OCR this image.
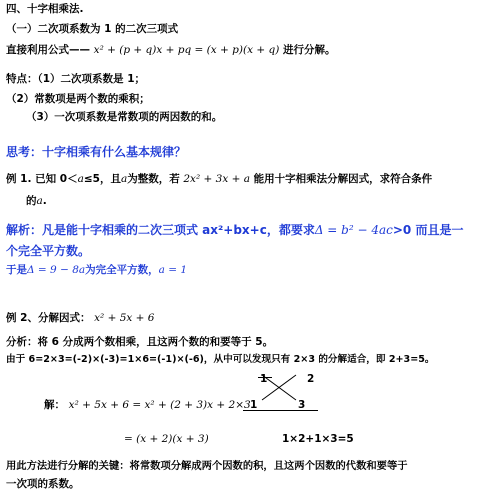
四、十字相乘法.
（一）二次项系数为 1 的二次三项式
直接利用公式—— x² + (p + q)x + pq = (x + p)(x + q) 进行分解。
特点：（1）二次项系数是 1；
（2）常数项是两个数的乘积；
（3）一次项系数是常数项的两因数的和。
思考：十字相乘有什么基本规律？
例 1. 已知 0＜a≤5，且a为整数，若 2x² + 3x + a 能用十字相乘法分解因式，求符合条件
的a.
解析：凡是能十字相乘的二次三项式 ax²+bx+c，都要求Δ = b² − 4ac>0 而且是一
个完全平方数。
于是Δ = 9 − 8a为完全平方数，a = 1
例 2、分解因式： x² + 5x + 6
分析：将 6 分成两个数相乘，且这两个数的和要等于 5。
由于 6=2×3=(-2)×(-3)=1×6=(-1)×(-6)，从中可以发现只有 2×3 的分解适合，即 2+3=5。
1	2
解： x² + 5x + 6 = x² + (2 + 3)x + 2×3 1	3
= (x + 2)(x + 3)	1×2+1×3=5
用此方法进行分解的关键：将常数项分解成两个因数的积，且这两个因数的代数和要等于
一次项的系数。
